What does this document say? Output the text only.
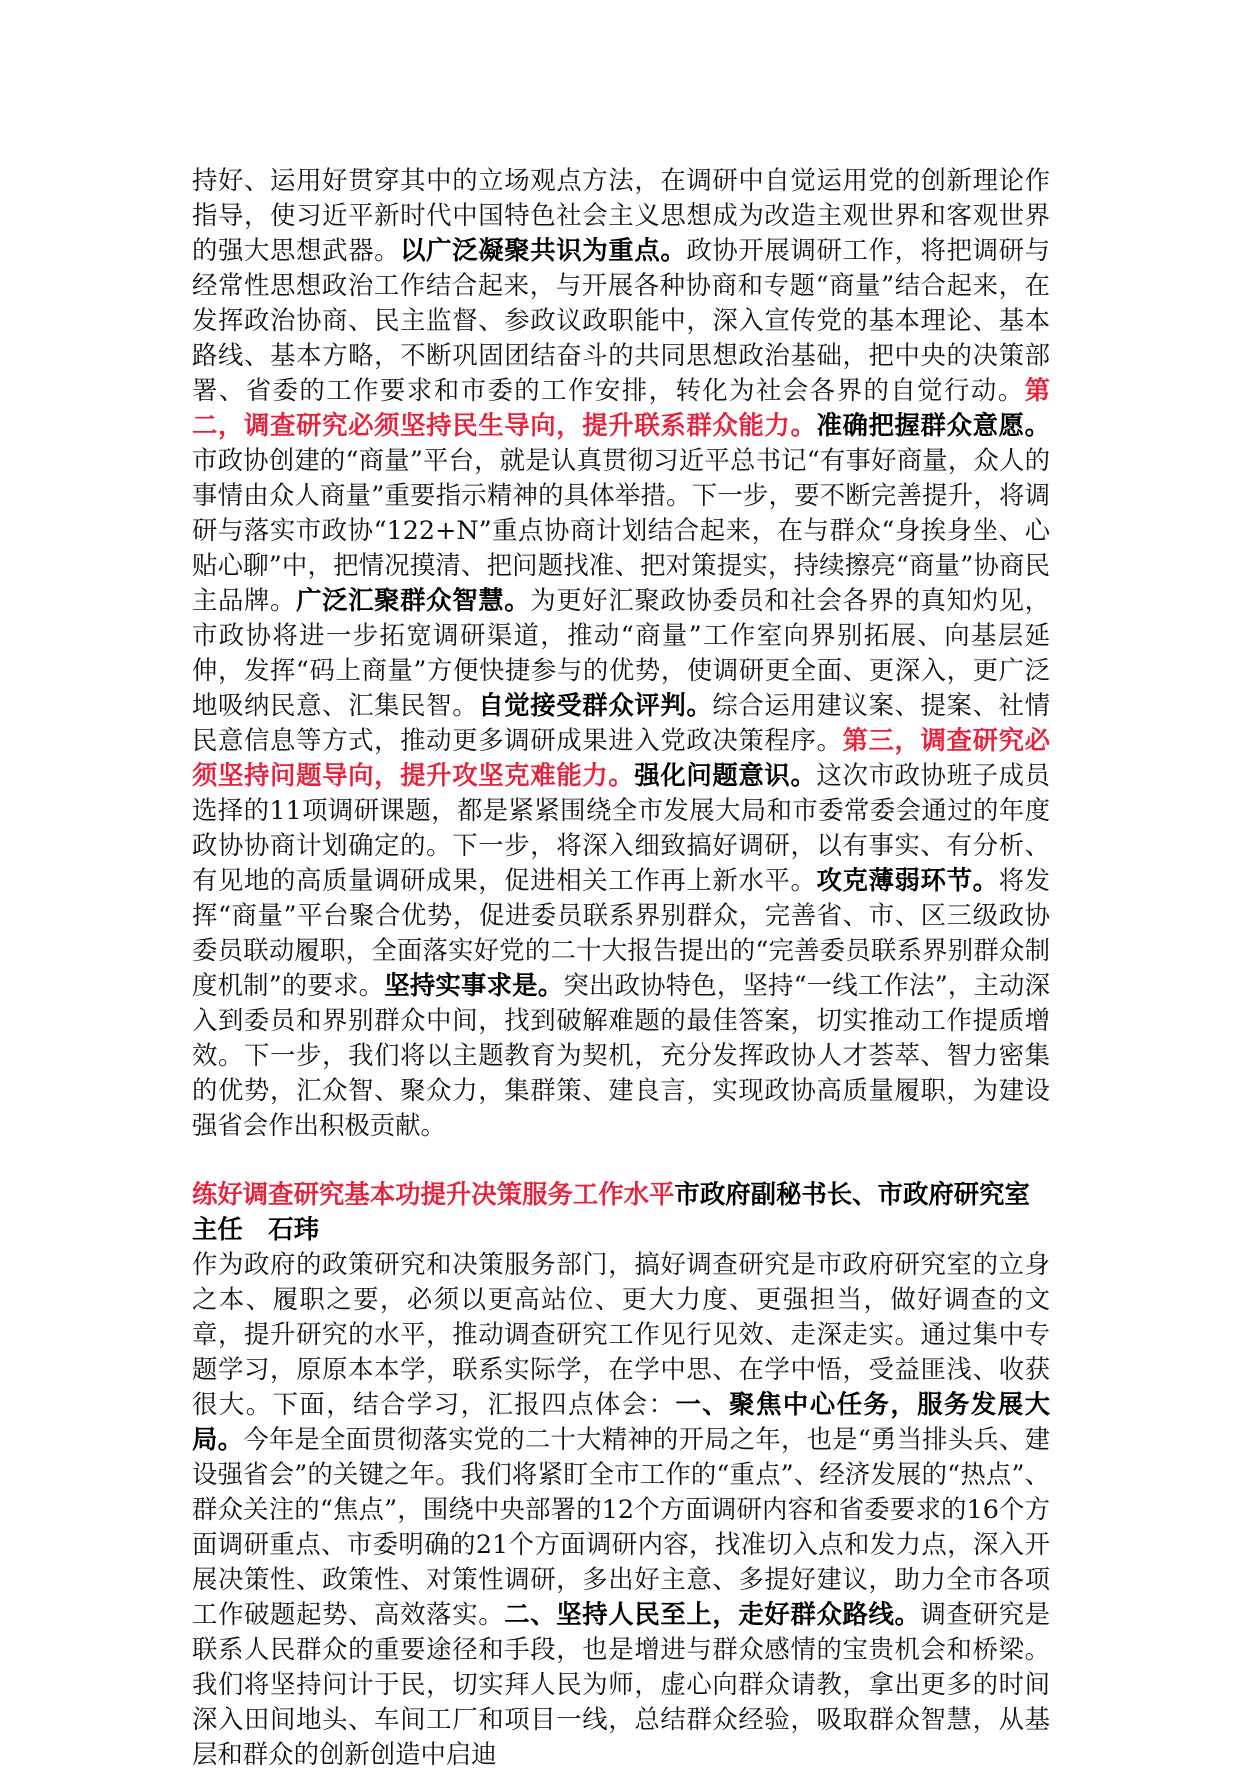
持好、运用好贯穿其中的立场观点方法，在调研中自觉运用党的创新理论作指导，使习近平新时代中国特色社会主义思想成为改造主观世界和客观世界的强大思想武器。以广泛凝聚共识为重点。政协开展调研工作，将把调研与经常性思想政治工作结合起来，与开展各种协商和专题“商量”结合起来，在发挥政治协商、民主监督、参政议政职能中，深入宣传党的基本理论、基本路线、基本方略，不断巩固团结奋斗的共同思想政治基础，把中央的决策部署、省委的工作要求和市委的工作安排，转化为社会各界的自觉行动。第二，调查研究必须坚持民生导向，提升联系群众能力。准确把握群众意愿。市政协创建的“商量”平台，就是认真贯彻习近平总书记“有事好商量，众人的事情由众人商量”重要指示精神的具体举措。下一步，要不断完善提升，将调研与落实市政协“122+N”重点协商计划结合起来，在与群众“身挨身坐、心贴心聊”中，把情况摸清、把问题找准、把对策提实，持续擦亮“商量”协商民主品牌。广泛汇聚群众智慧。为更好汇聚政协委员和社会各界的真知灼见，市政协将进一步拓宽调研渠道，推动“商量”工作室向界别拓展、向基层延伸，发挥“码上商量”方便快捷参与的优势，使调研更全面、更深入，更广泛地吸纳民意、汇集民智。自觉接受群众评判。综合运用建议案、提案、社情民意信息等方式，推动更多调研成果进入党政决策程序。第三，调查研究必须坚持问题导向，提升攻坚克难能力。强化问题意识。这次市政协班子成员选择的11项调研课题，都是紧紧围绕全市发展大局和市委常委会通过的年度政协协商计划确定的。下一步，将深入细致搞好调研，以有事实、有分析、有见地的高质量调研成果，促进相关工作再上新水平。攻克薄弱环节。将发挥“商量”平台聚合优势，促进委员联系界别群众，完善省、市、区三级政协委员联动履职，全面落实好党的二十大报告提出的“完善委员联系界别群众制度机制”的要求。坚持实事求是。突出政协特色，坚持“一线工作法”，主动深入到委员和界别群众中间，找到破解难题的最佳答案，切实推动工作提质增效。下一步，我们将以主题教育为契机，充分发挥政协人才荟萃、智力密集的优势，汇众智、聚众力，集群策、建良言，实现政协高质量履职，为建设强省会作出积极贡献。

练好调查研究基本功提升决策服务工作水平市政府副秘书长、市政府研究室主任　石玮

作为政府的政策研究和决策服务部门，搞好调查研究是市政府研究室的立身之本、履职之要，必须以更高站位、更大力度、更强担当，做好调查的文章，提升研究的水平，推动调查研究工作见行见效、走深走实。通过集中专题学习，原原本本学，联系实际学，在学中思、在学中悟，受益匪浅、收获很大。下面，结合学习，汇报四点体会：一、聚焦中心任务，服务发展大局。今年是全面贯彻落实党的二十大精神的开局之年，也是“勇当排头兵、建设强省会”的关键之年。我们将紧盯全市工作的“重点”、经济发展的“热点”、群众关注的“焦点”，围绕中央部署的12个方面调研内容和省委要求的16个方面调研重点、市委明确的21个方面调研内容，找准切入点和发力点，深入开展决策性、政策性、对策性调研，多出好主意、多提好建议，助力全市各项工作破题起势、高效落实。二、坚持人民至上，走好群众路线。调查研究是联系人民群众的重要途径和手段，也是增进与群众感情的宝贵机会和桥梁。我们将坚持问计于民，切实拜人民为师，虚心向群众请教，拿出更多的时间深入田间地头、车间工厂和项目一线，总结群众经验，吸取群众智慧，从基层和群众的创新创造中启迪
